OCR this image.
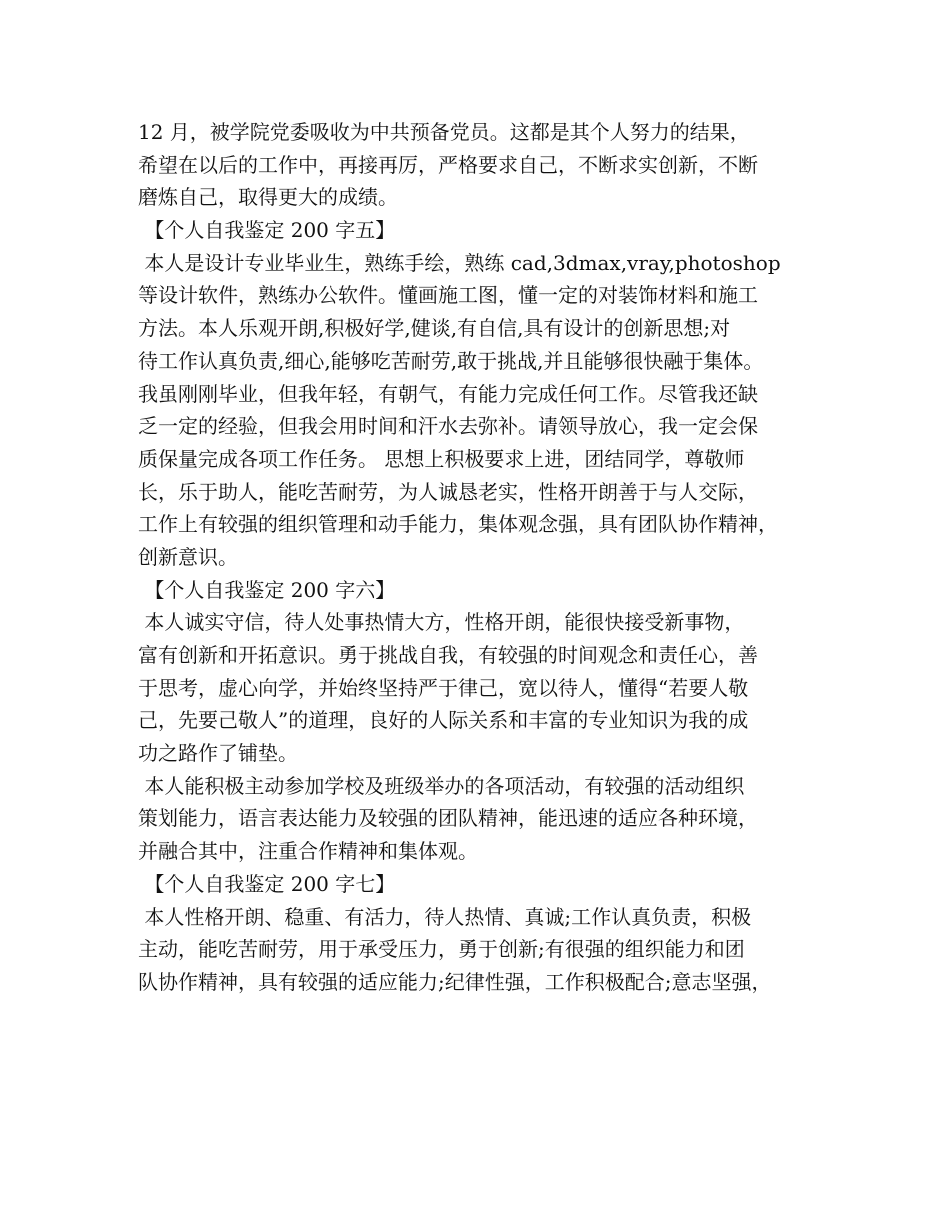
12 月，被学院党委吸收为中共预备党员。这都是其个人努力的结果，
希望在以后的工作中，再接再厉，严格要求自己，不断求实创新，不断
磨炼自己，取得更大的成绩。
【个人自我鉴定 200 字五】
本人是设计专业毕业生，熟练手绘，熟练 cad,3dmax,vray,photoshop
等设计软件，熟练办公软件。懂画施工图，懂一定的对装饰材料和施工
方法。本人乐观开朗,积极好学,健谈,有自信,具有设计的创新思想;对
待工作认真负责,细心,能够吃苦耐劳,敢于挑战,并且能够很快融于集体。
我虽刚刚毕业，但我年轻，有朝气，有能力完成任何工作。尽管我还缺
乏一定的经验，但我会用时间和汗水去弥补。请领导放心，我一定会保
质保量完成各项工作任务。 思想上积极要求上进，团结同学，尊敬师
长，乐于助人，能吃苦耐劳，为人诚恳老实，性格开朗善于与人交际，
工作上有较强的组织管理和动手能力，集体观念强，具有团队协作精神，
创新意识。
【个人自我鉴定 200 字六】
本人诚实守信，待人处事热情大方，性格开朗，能很快接受新事物，
富有创新和开拓意识。勇于挑战自我，有较强的时间观念和责任心，善
于思考，虚心向学，并始终坚持严于律己，宽以待人，懂得“若要人敬
己，先要己敬人”的道理，良好的人际关系和丰富的专业知识为我的成
功之路作了铺垫。
本人能积极主动参加学校及班级举办的各项活动，有较强的活动组织
策划能力，语言表达能力及较强的团队精神，能迅速的适应各种环境，
并融合其中，注重合作精神和集体观。
【个人自我鉴定 200 字七】
本人性格开朗、稳重、有活力，待人热情、真诚;工作认真负责，积极
主动，能吃苦耐劳，用于承受压力，勇于创新;有很强的组织能力和团
队协作精神，具有较强的适应能力;纪律性强，工作积极配合;意志坚强，
